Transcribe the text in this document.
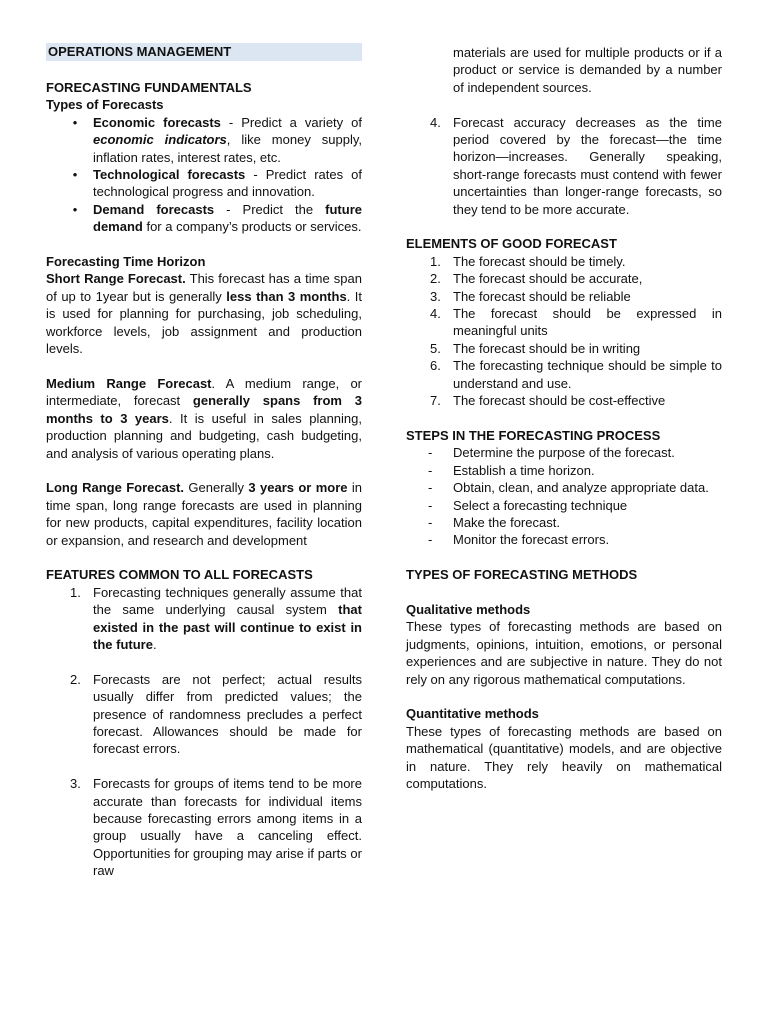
OPERATIONS MANAGEMENT

FORECASTING FUNDAMENTALS

Types of Forecasts

• Economic forecasts - Predict a variety of economic indicators, like money supply, inflation rates, interest rates, etc.
• Technological forecasts - Predict rates of technological progress and innovation.
• Demand forecasts - Predict the future demand for a company’s products or services.

Forecasting Time Horizon

Short Range Forecast. This forecast has a time span of up to 1year but is generally less than 3 months. It is used for planning for purchasing, job scheduling, workforce levels, job assignment and production levels.

Medium Range Forecast. A medium range, or intermediate, forecast generally spans from 3 months to 3 years. It is useful in sales planning, production planning and budgeting, cash budgeting, and analysis of various operating plans.

Long Range Forecast. Generally 3 years or more in time span, long range forecasts are used in planning for new products, capital expenditures, facility location or expansion, and research and development

FEATURES COMMON TO ALL FORECASTS

1. Forecasting techniques generally assume that the same underlying causal system that existed in the past will continue to exist in the future.
2. Forecasts are not perfect; actual results usually differ from predicted values; the presence of randomness precludes a perfect forecast. Allowances should be made for forecast errors.
3. Forecasts for groups of items tend to be more accurate than forecasts for individual items because forecasting errors among items in a group usually have a canceling effect. Opportunities for grouping may arise if parts or raw

materials are used for multiple products or if a product or service is demanded by a number of independent sources.

4. Forecast accuracy decreases as the time period covered by the forecast—the time horizon—increases. Generally speaking, short-range forecasts must contend with fewer uncertainties than longer-range forecasts, so they tend to be more accurate.

ELEMENTS OF GOOD FORECAST

1. The forecast should be timely.
2. The forecast should be accurate,
3. The forecast should be reliable
4. The forecast should be expressed in meaningful units
5. The forecast should be in writing
6. The forecasting technique should be simple to understand and use.
7. The forecast should be cost-effective

STEPS IN THE FORECASTING PROCESS

- Determine the purpose of the forecast.
- Establish a time horizon.
- Obtain, clean, and analyze appropriate data.
- Select a forecasting technique
- Make the forecast.
- Monitor the forecast errors.

TYPES OF FORECASTING METHODS

Qualitative methods

These types of forecasting methods are based on judgments, opinions, intuition, emotions, or personal experiences and are subjective in nature. They do not rely on any rigorous mathematical computations.

Quantitative methods

These types of forecasting methods are based on mathematical (quantitative) models, and are objective in nature. They rely heavily on mathematical computations.
